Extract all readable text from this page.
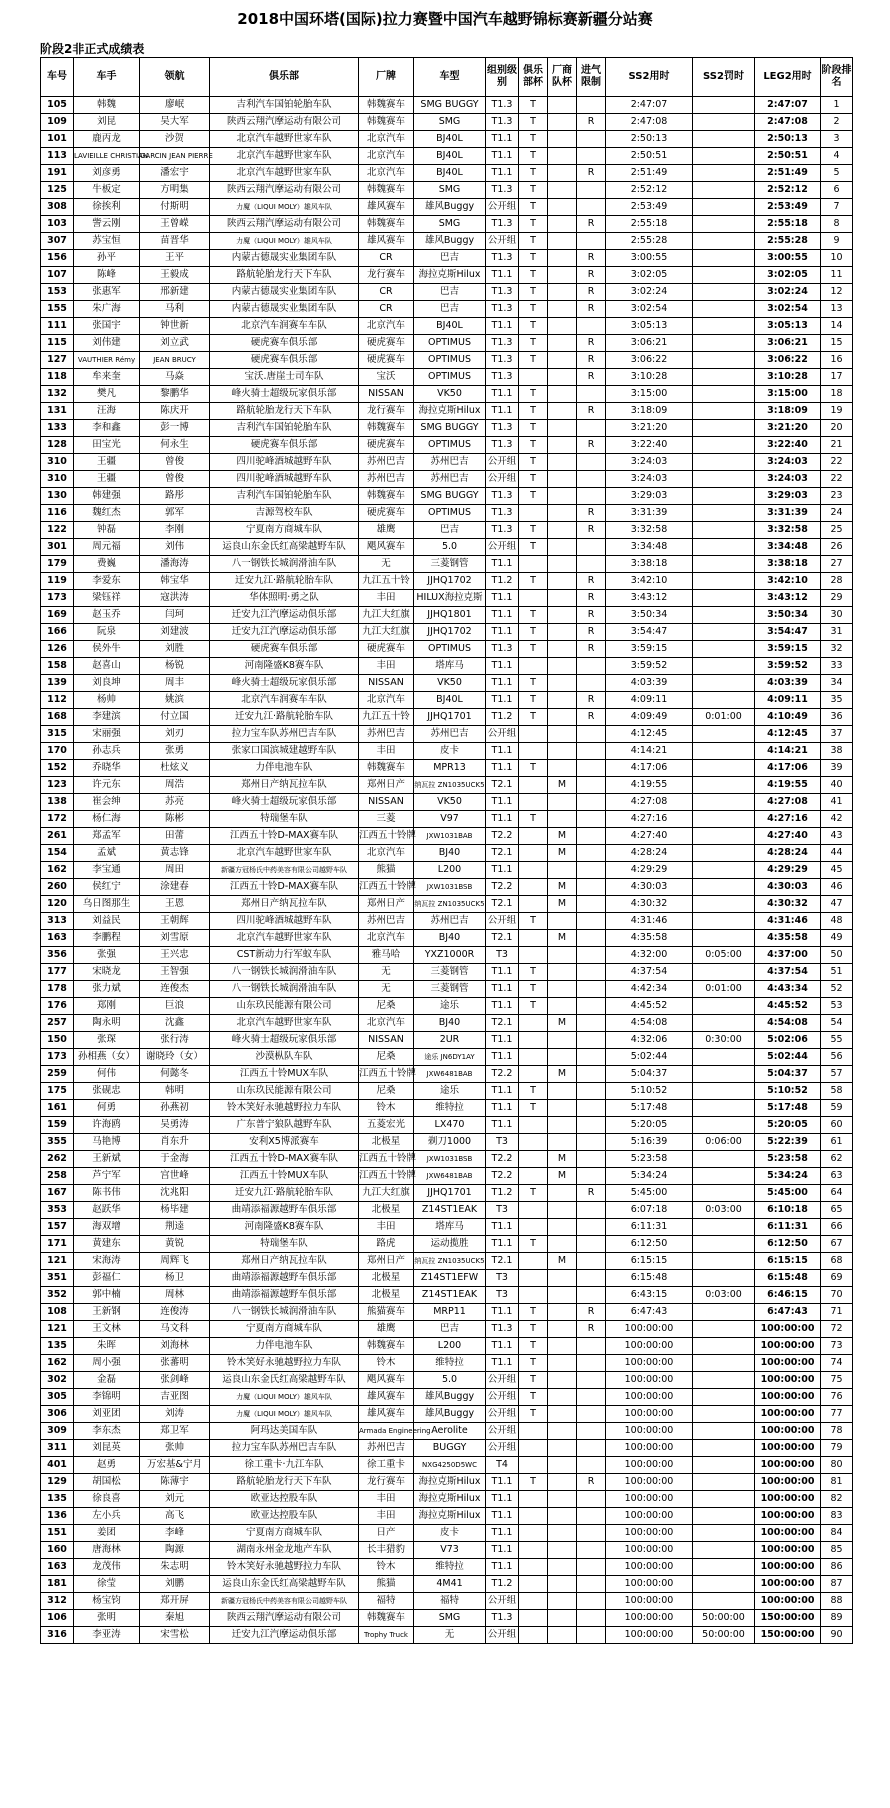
2018中国环塔(国际)拉力赛暨中国汽车越野锦标赛新疆分站赛
阶段2非正式成绩表
车号	车手	领航	俱乐部	厂牌	车型	组别级别	俱乐部杯	厂商队杯	进气限制	SS2用时	SS2罚时	LEG2用时	阶段排名
105	韩魏	廖岷	吉利汽车国铂轮胎车队	韩魏赛车	SMG BUGGY	T1.3	T			2:47:07		2:47:07	1
109	刘昆	吴大军	陕西云翔汽摩运动有限公司	韩魏赛车	SMG	T1.3	T		R	2:47:08		2:47:08	2
101	鹿丙龙	沙贺	北京汽车越野世家车队	北京汽车	BJ40L	T1.1	T			2:50:13		2:50:13	3
113	LAVIEILLE CHRISTIAN	GARCIN JEAN PIERRE	北京汽车越野世家车队	北京汽车	BJ40L	T1.1	T			2:50:51		2:50:51	4
191	刘彦勇	潘宏宇	北京汽车越野世家车队	北京汽车	BJ40L	T1.1	T		R	2:51:49		2:51:49	5
125	牛板定	方明集	陕西云翔汽摩运动有限公司	韩魏赛车	SMG	T1.3	T			2:52:12		2:52:12	6
308	徐挨利	付斯明	力魔（LIQUI MOLY）雄风车队	雄风赛车	雄风Buggy	公开组	T			2:53:49		2:53:49	7
103	訾云刚	王曾嵘	陕西云翔汽摩运动有限公司	韩魏赛车	SMG	T1.3	T		R	2:55:18		2:55:18	8
307	苏宝恒	苗晋华	力魔（LIQUI MOLY）雄风车队	雄风赛车	雄风Buggy	公开组	T			2:55:28		2:55:28	9
156	孙平	王平	内蒙古德晟实业集团车队	CR	巴吉	T1.3	T		R	3:00:55		3:00:55	10
107	陈峰	王毅成	路航轮胎龙行天下车队	龙行赛车	海拉克斯Hilux	T1.1	T		R	3:02:05		3:02:05	11
153	张惠军	邢新建	内蒙古德晟实业集团车队	CR	巴吉	T1.3	T		R	3:02:24		3:02:24	12
155	朱广海	马利	内蒙古德晟实业集团车队	CR	巴吉	T1.3	T		R	3:02:54		3:02:54	13
111	张国宇	钟世新	北京汽车润赛车车队	北京汽车	BJ40L	T1.1	T			3:05:13		3:05:13	14
115	刘伟建	刘立武	硬虎赛车俱乐部	硬虎赛车	OPTIMUS	T1.3	T		R	3:06:21		3:06:21	15
127	VAUTHIER Rémy	JEAN BRUCY	硬虎赛车俱乐部	硬虎赛车	OPTIMUS	T1.3	T		R	3:06:22		3:06:22	16
118	牟来奎	马焱	宝沃.唐崖士司车队	宝沃	OPTIMUS	T1.3			R	3:10:28		3:10:28	17
132	樊凡	黎鹏华	峰火骑士超级玩家俱乐部	NISSAN	VK50	T1.1	T			3:15:00		3:15:00	18
131	汪海	陈庆开	路航轮胎龙行天下车队	龙行赛车	海拉克斯Hilux	T1.1	T		R	3:18:09		3:18:09	19
133	李和鑫	彭一博	吉利汽车国铂轮胎车队	韩魏赛车	SMG BUGGY	T1.3	T			3:21:20		3:21:20	20
128	田宝光	何永生	硬虎赛车俱乐部	硬虎赛车	OPTIMUS	T1.3	T		R	3:22:40		3:22:40	21
310	王疆	曾俊	四川驼峰酒城越野车队	苏州巴吉	苏州巴吉	公开组	T			3:24:03		3:24:03	22
310	王疆	曾俊	四川驼峰酒城越野车队	苏州巴吉	苏州巴吉	公开组	T			3:24:03		3:24:03	22
130	韩建强	路彤	吉利汽车国铂轮胎车队	韩魏赛车	SMG BUGGY	T1.3	T			3:29:03		3:29:03	23
116	魏红杰	郭军	吉源驾校车队	硬虎赛车	OPTIMUS	T1.3			R	3:31:39		3:31:39	24
122	钟磊	李刚	宁夏南方商城车队	雄鹰	巴吉	T1.3	T		R	3:32:58		3:32:58	25
301	周元福	刘伟	运良山东金氏红高梁越野车队	飓风赛车	5.0	公开组	T			3:34:48		3:34:48	26
179	费巍	潘海涛	八一钢铁长城润滑油车队	无	三菱钢管	T1.1				3:38:18		3:38:18	27
119	李爱东	韩宝华	迁安九江·路航轮胎车队	九江五十铃	JJHQ1702	T1.2	T		R	3:42:10		3:42:10	28
173	梁钰祥	寇洪涛	华体照明·勇之队	丰田	HILUX海拉克斯	T1.1			R	3:43:12		3:43:12	29
169	赵玉乔	闫珂	迁安九江汽摩运动俱乐部	九江大红旗	JJHQ1801	T1.1	T		R	3:50:34		3:50:34	30
166	阮泉	刘建波	迁安九江汽摩运动俱乐部	九江大红旗	JJHQ1702	T1.1	T		R	3:54:47		3:54:47	31
126	侯外牛	刘胜	硬虎赛车俱乐部	硬虎赛车	OPTIMUS	T1.3	T		R	3:59:15		3:59:15	32
158	赵喜山	杨锐	河南隆盛K8赛车队	丰田	塔库马	T1.1				3:59:52		3:59:52	33
139	刘良坤	周丰	峰火骑士超级玩家俱乐部	NISSAN	VK50	T1.1	T			4:03:39		4:03:39	34
112	杨帅	姚滨	北京汽车润赛车车队	北京汽车	BJ40L	T1.1	T		R	4:09:11		4:09:11	35
168	李建滨	付立国	迁安九江·路航轮胎车队	九江五十铃	JJHQ1701	T1.2	T		R	4:09:49	0:01:00	4:10:49	36
315	宋丽强	刘刃	拉力宝车队苏州巴吉车队	苏州巴吉	苏州巴吉	公开组				4:12:45		4:12:45	37
170	孙志兵	张勇	张家口国滨城建越野车队	丰田	皮卡	T1.1				4:14:21		4:14:21	38
152	乔晓华	杜炫义	力伴电池车队	韩魏赛车	MPR13	T1.1	T			4:17:06		4:17:06	39
123	许元东	周浩	郑州日产纳瓦拉车队	郑州日产	纳瓦拉 ZN1035UCK5	T2.1		M		4:19:55		4:19:55	40
138	崔会绅	苏亮	峰火骑士超级玩家俱乐部	NISSAN	VK50	T1.1				4:27:08		4:27:08	41
172	杨仁海	陈彬	特瑞堡车队	三菱	V97	T1.1	T			4:27:16		4:27:16	42
261	郑孟军	田蕾	江西五十铃D-MAX赛车队	江西五十铃牌	JXW1031BAB	T2.2		M		4:27:40		4:27:40	43
154	孟斌	黄志锋	北京汽车越野世家车队	北京汽车	BJ40	T2.1		M		4:28:24		4:28:24	44
162	李宝通	周田	新疆方冠杨氏中药美容有限公司越野车队	熊猫	L200	T1.1				4:29:29		4:29:29	45
260	侯红宁	涂建春	江西五十铃D-MAX赛车队	江西五十铃牌	JXW1031BSB	T2.2		M		4:30:03		4:30:03	46
120	乌日图那生	王恩	郑州日产纳瓦拉车队	郑州日产	纳瓦拉 ZN1035UCK5	T2.1		M		4:30:32		4:30:32	47
313	刘益民	王朝辉	四川驼峰酒城越野车队	苏州巴吉	苏州巴吉	公开组	T			4:31:46		4:31:46	48
163	李鹏程	刘雪原	北京汽车越野世家车队	北京汽车	BJ40	T2.1		M		4:35:58		4:35:58	49
356	张强	王兴忠	CST新动力行军蚁车队	雅马哈	YXZ1000R	T3				4:32:00	0:05:00	4:37:00	50
177	宋晓龙	王智强	八一钢铁长城润滑油车队	无	三菱钢管	T1.1	T			4:37:54		4:37:54	51
178	张力斌	连俊杰	八一钢铁长城润滑油车队	无	三菱钢管	T1.1	T			4:42:34	0:01:00	4:43:34	52
176	郑刚	巨浪	山东玖民能源有限公司	尼桑	途乐	T1.1	T			4:45:52		4:45:52	53
257	陶永明	沈鑫	北京汽车越野世家车队	北京汽车	BJ40	T2.1		M		4:54:08		4:54:08	54
150	张琛	张行涛	峰火骑士超级玩家俱乐部	NISSAN	2UR	T1.1				4:32:06	0:30:00	5:02:06	55
173	孙相燕（女）	谢晓玲（女）	沙漠枞队车队	尼桑	途乐 JN6DY1AY	T1.1				5:02:44		5:02:44	56
259	何伟	何懿冬	江西五十铃MUX车队	江西五十铃牌	JXW6481BAB	T2.2		M		5:04:37		5:04:37	57
175	张砚忠	韩明	山东玖民能源有限公司	尼桑	途乐	T1.1	T			5:10:52		5:10:52	58
161	何勇	孙燕初	铃木笑好永驰越野拉力车队	铃木	维特拉	T1.1	T			5:17:48		5:17:48	59
159	许海鸥	吴勇涛	广东普宁狼队越野车队	五菱宏光	LX470	T1.1				5:20:05		5:20:05	60
355	马艳博	肖东升	安利X5博派赛车	北极星	剃刀1000	T3				5:16:39	0:06:00	5:22:39	61
262	王新斌	于金海	江西五十铃D-MAX赛车队	江西五十铃牌	JXW1031BSB	T2.2		M		5:23:58		5:23:58	62
258	芦宁军	宫世峰	江西五十铃MUX车队	江西五十铃牌	JXW6481BAB	T2.2		M		5:34:24		5:34:24	63
167	陈书伟	沈兆阳	迁安九江·路航轮胎车队	九江大红旗	JJHQ1701	T1.2	T		R	5:45:00		5:45:00	64
353	赵跃华	杨毕建	曲靖添福源越野车俱乐部	北极星	Z14ST1EAK	T3				6:07:18	0:03:00	6:10:18	65
157	海双增	荆逵	河南隆盛K8赛车队	丰田	塔库马	T1.1				6:11:31		6:11:31	66
171	黄建东	黄锐	特瑞堡车队	路虎	运动揽胜	T1.1	T			6:12:50		6:12:50	67
121	宋海涛	周辉飞	郑州日产纳瓦拉车队	郑州日产	纳瓦拉 ZN1035UCK5	T2.1		M		6:15:15		6:15:15	68
351	彭福仁	杨卫	曲靖添福源越野车俱乐部	北极星	Z14ST1EFW	T3				6:15:48		6:15:48	69
352	郭中楠	周林	曲靖添福源越野车俱乐部	北极星	Z14ST1EAK	T3				6:43:15	0:03:00	6:46:15	70
108	王新钢	连俊涛	八一钢铁长城润滑油车队	熊猫赛车	MRP11	T1.1	T		R	6:47:43		6:47:43	71
121	王文林	马文科	宁夏南方商城车队	雄鹰	巴吉	T1.3	T		R	100:00:00		100:00:00	72
135	朱晖	刘海林	力伴电池车队	韩魏赛车	L200	T1.1	T			100:00:00		100:00:00	73
162	周小强	张蕃明	铃木笑好永驰越野拉力车队	铃木	维特拉	T1.1	T			100:00:00		100:00:00	74
302	金磊	张剑峰	运良山东金氏红高梁越野车队	飓风赛车	5.0	公开组	T			100:00:00		100:00:00	75
305	李锦明	吉亚图	力魔（LIQUI MOLY）雄风车队	雄风赛车	雄风Buggy	公开组	T			100:00:00		100:00:00	76
306	刘亚团	刘涛	力魔（LIQUI MOLY）雄风车队	雄风赛车	雄风Buggy	公开组	T			100:00:00		100:00:00	77
309	李东杰	郑卫军	阿玛达美国车队	Armada Engineering	Aerolite	公开组				100:00:00		100:00:00	78
311	刘昆英	张帅	拉力宝车队苏州巴吉车队	苏州巴吉	BUGGY	公开组				100:00:00		100:00:00	79
401	赵勇	万宏基&宁月	徐工重卡·九江车队	徐工重卡	NXG4250D5WC	T4				100:00:00		100:00:00	80
129	胡国松	陈薄宇	路航轮胎龙行天下车队	龙行赛车	海拉克斯Hilux	T1.1	T		R	100:00:00		100:00:00	81
135	徐良喜	刘元	欧亚达控股车队	丰田	海拉克斯Hilux	T1.1				100:00:00		100:00:00	82
136	左小兵	高飞	欧亚达控股车队	丰田	海拉克斯Hilux	T1.1				100:00:00		100:00:00	83
151	姜团	李峰	宁夏南方商城车队	日产	皮卡	T1.1				100:00:00		100:00:00	84
160	唐海林	陶源	湖南永州金龙地产车队	长丰猎豹	V73	T1.1				100:00:00		100:00:00	85
163	龙茂伟	朱志明	铃木笑好永驰越野拉力车队	铃木	维特拉	T1.1				100:00:00		100:00:00	86
181	徐莹	刘鹏	运良山东金氏红高梁越野车队	熊猫	4M41	T1.2				100:00:00		100:00:00	87
312	杨宝钧	郑开屏	新疆方冠杨氏中药美容有限公司越野车队	福特	福特	公开组				100:00:00		100:00:00	88
106	张明	秦旭	陕西云翔汽摩运动有限公司	韩魏赛车	SMG	T1.3				100:00:00	50:00:00	150:00:00	89
316	李亚涛	宋雪松	迁安九江汽摩运动俱乐部	Trophy Truck	无	公开组				100:00:00	50:00:00	150:00:00	90
